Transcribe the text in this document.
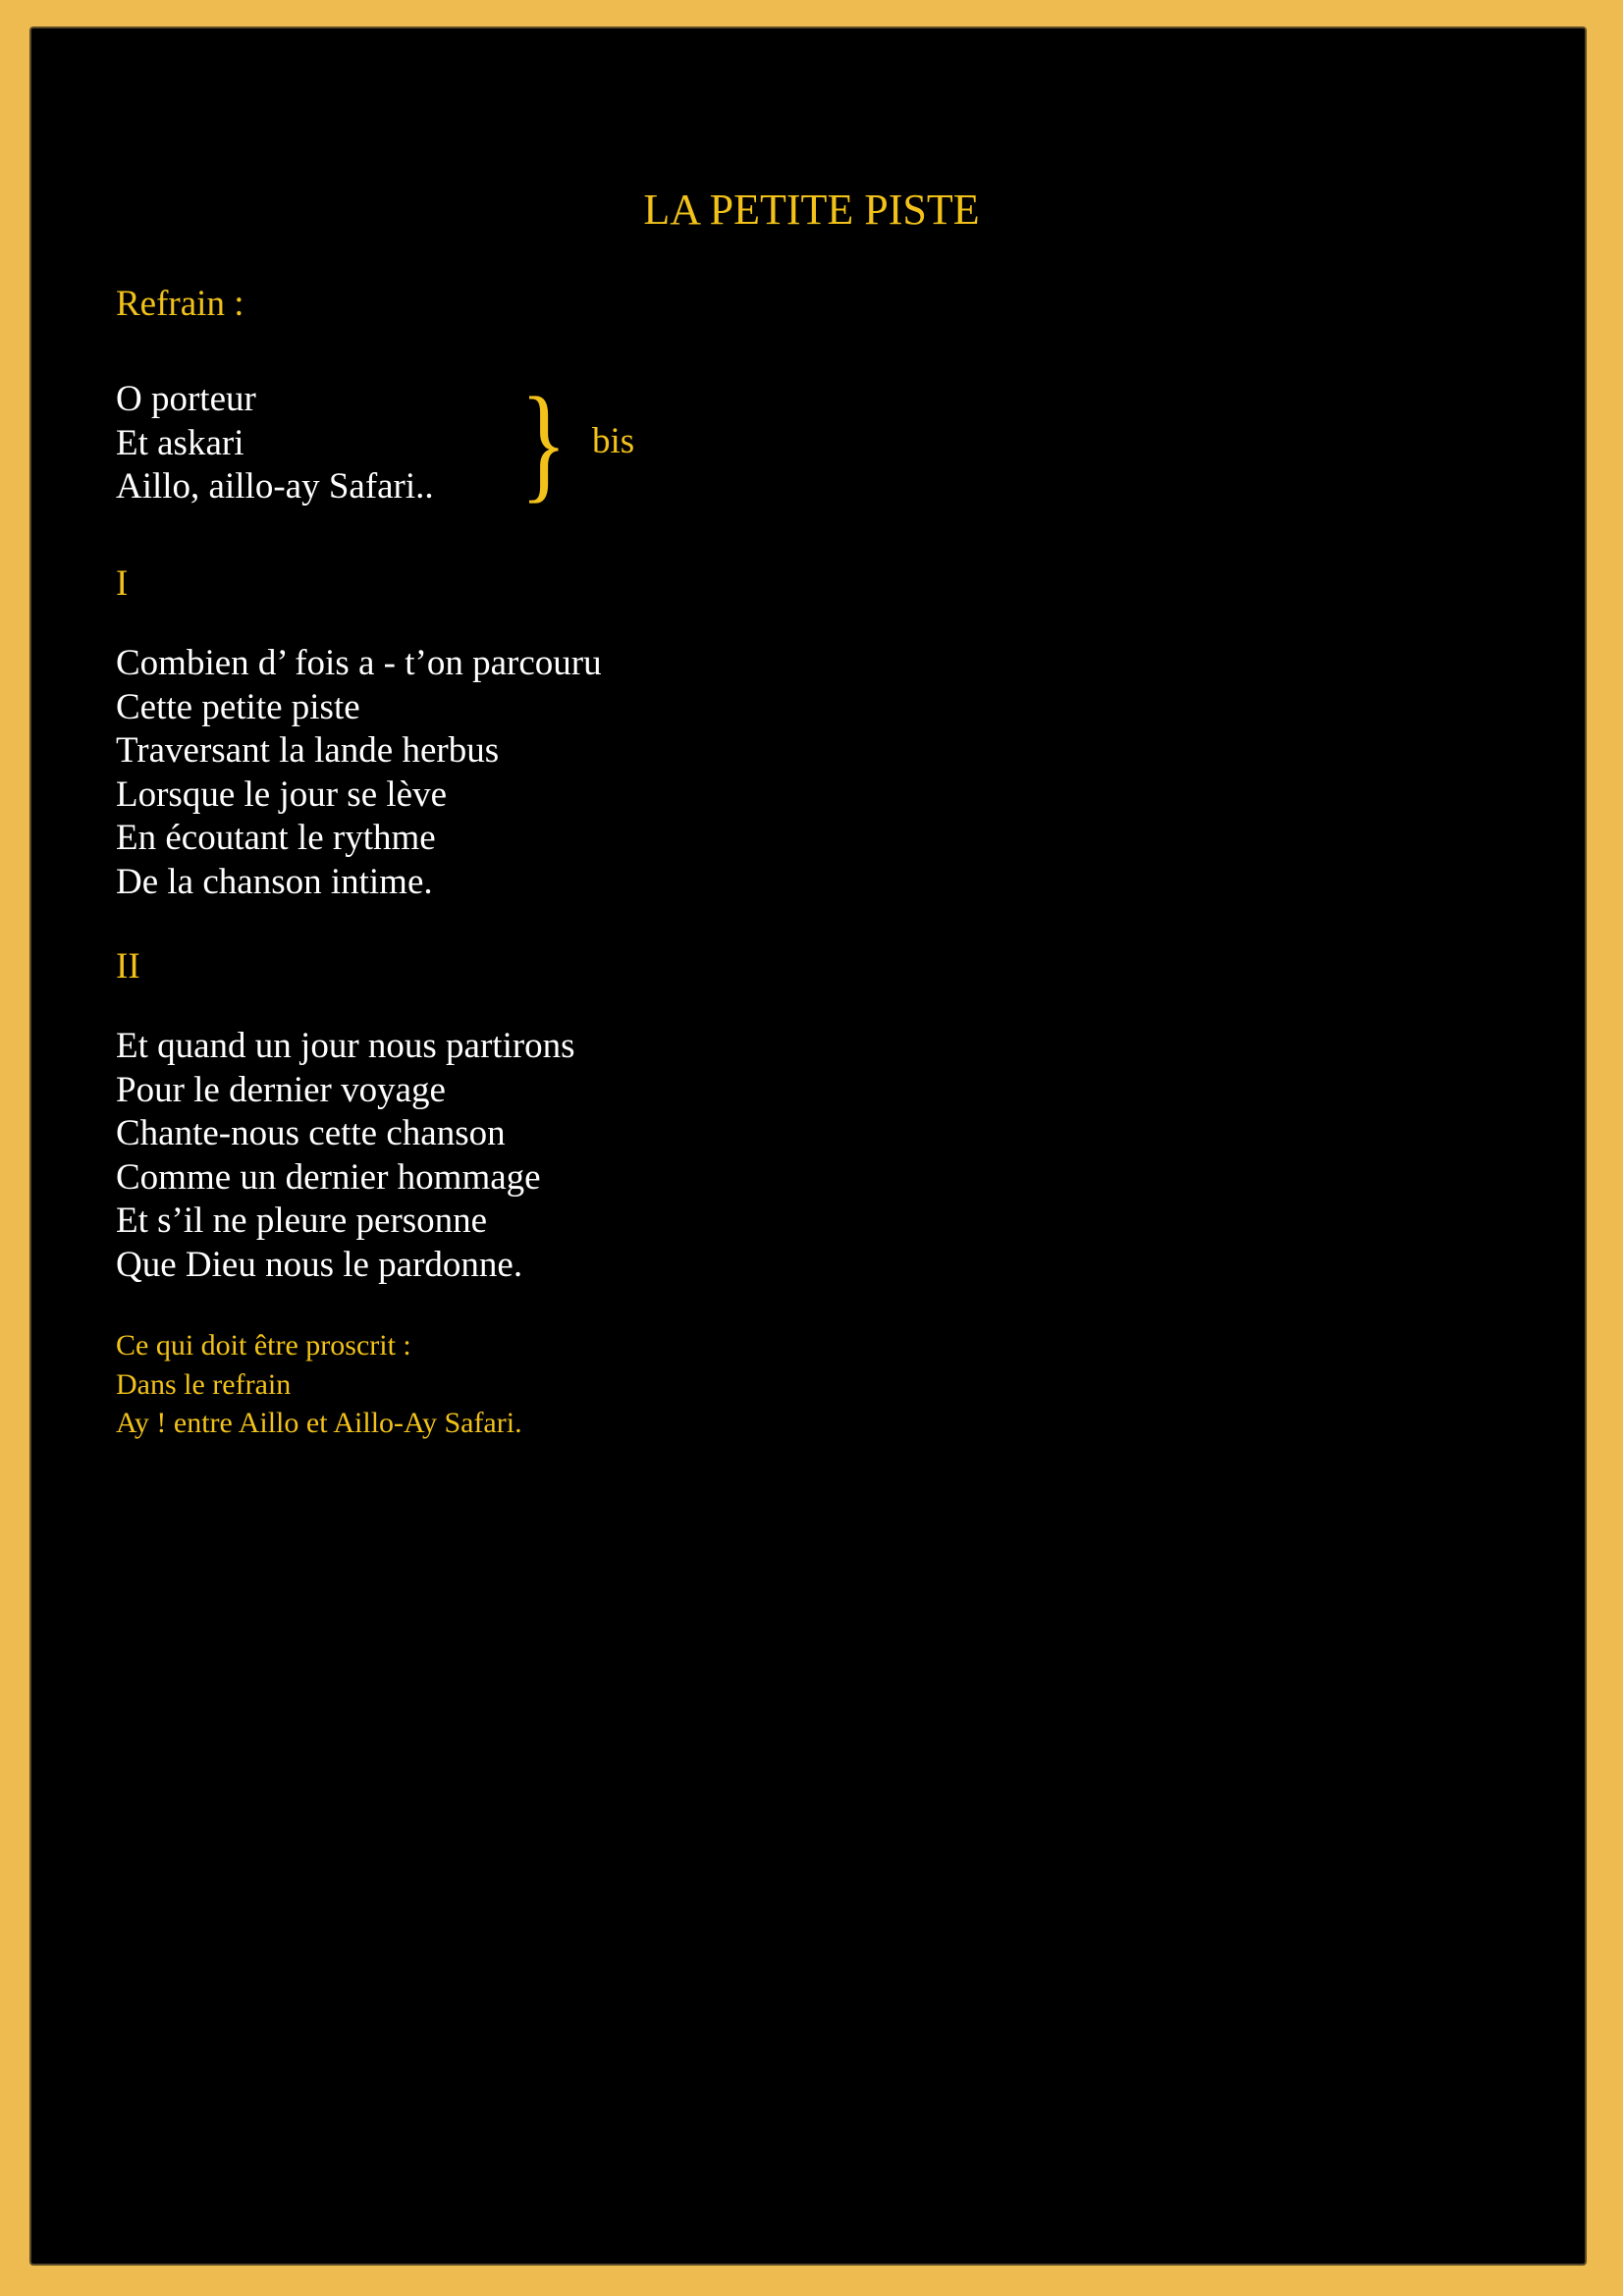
LA PETITE PISTE
Refrain :
O porteur
Et askari
Aillo, aillo-ay Safari.. } bis
I
Combien d’ fois a - t’on parcouru
Cette petite piste
Traversant la lande herbus
Lorsque le jour se lève
En écoutant le rythme
De la chanson intime.
II
Et quand un jour nous partirons
Pour le dernier voyage
Chante-nous cette chanson
Comme un dernier hommage
Et s’il ne pleure personne
Que Dieu nous le pardonne.
Ce qui doit être proscrit :
Dans le refrain
Ay ! entre Aillo et Aillo-Ay Safari.
